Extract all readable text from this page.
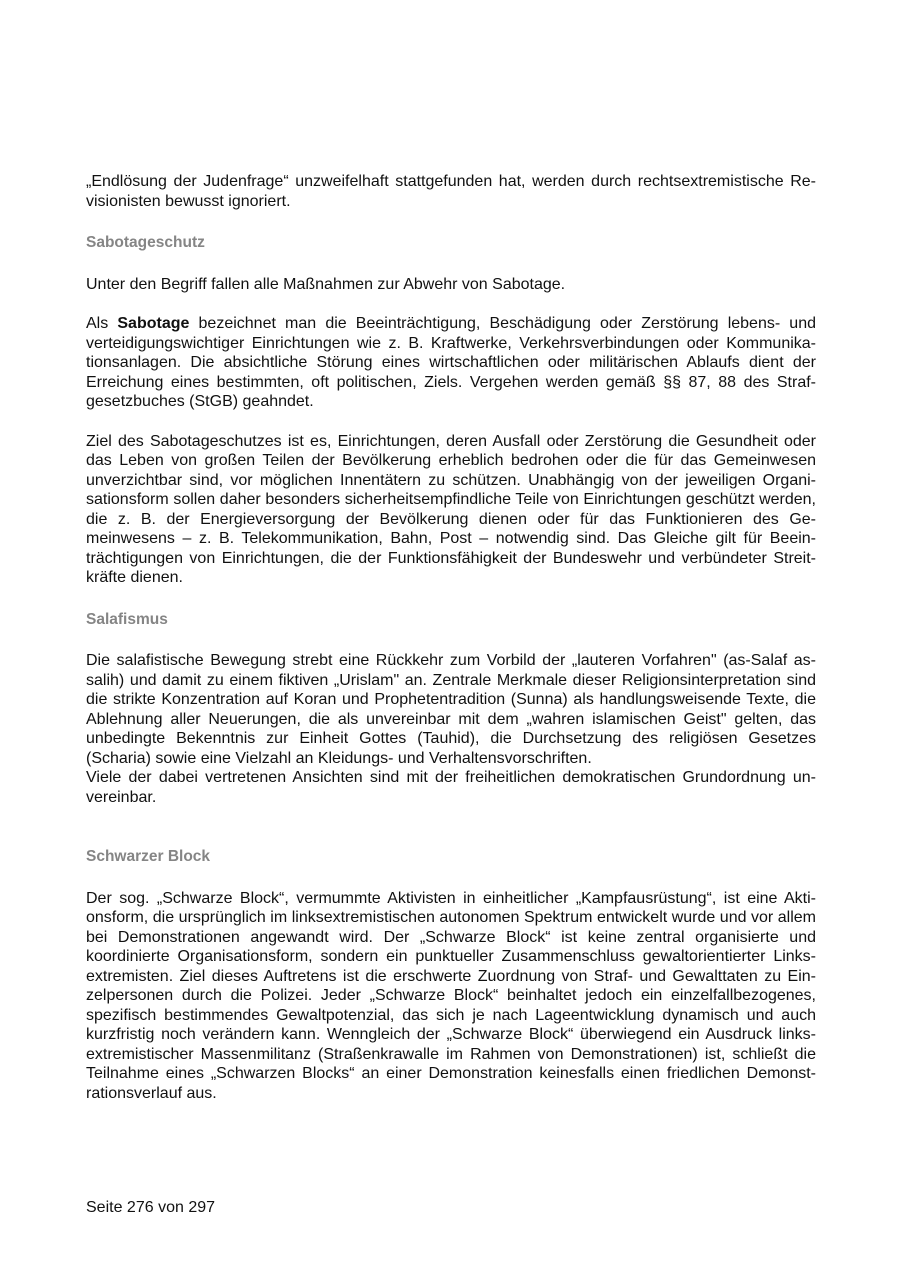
„Endlösung der Judenfrage“ unzweifelhaft stattgefunden hat, werden durch rechtsextremistische Revisionisten bewusst ignoriert.

Sabotageschutz

Unter den Begriff fallen alle Maßnahmen zur Abwehr von Sabotage.

Als Sabotage bezeichnet man die Beeinträchtigung, Beschädigung oder Zerstörung lebens- und verteidigungswichtiger Einrichtungen wie z. B. Kraftwerke, Verkehrsverbindungen oder Kommunikationsanlagen. Die absichtliche Störung eines wirtschaftlichen oder militärischen Ablaufs dient der Erreichung eines bestimmten, oft politischen, Ziels. Vergehen werden gemäß §§ 87, 88 des Strafgesetzbuches (StGB) geahndet.

Ziel des Sabotageschutzes ist es, Einrichtungen, deren Ausfall oder Zerstörung die Gesundheit oder das Leben von großen Teilen der Bevölkerung erheblich bedrohen oder die für das Gemeinwesen unverzichtbar sind, vor möglichen Innentätern zu schützen. Unabhängig von der jeweiligen Organisationsform sollen daher besonders sicherheitsempfindliche Teile von Einrichtungen geschützt werden, die z. B. der Energieversorgung der Bevölkerung dienen oder für das Funktionieren des Gemeinwesens – z. B. Telekommunikation, Bahn, Post – notwendig sind. Das Gleiche gilt für Beeinträchtigungen von Einrichtungen, die der Funktionsfähigkeit der Bundeswehr und verbündeter Streitkräfte dienen.

Salafismus

Die salafistische Bewegung strebt eine Rückkehr zum Vorbild der „lauteren Vorfahren" (as-Salaf assalih) und damit zu einem fiktiven „Urislam" an. Zentrale Merkmale dieser Religionsinterpretation sind die strikte Konzentration auf Koran und Prophetentradition (Sunna) als handlungsweisende Texte, die Ablehnung aller Neuerungen, die als unvereinbar mit dem „wahren islamischen Geist" gelten, das unbedingte Bekenntnis zur Einheit Gottes (Tauhid), die Durchsetzung des religiösen Gesetzes (Scharia) sowie eine Vielzahl an Kleidungs- und Verhaltensvorschriften.

Viele der dabei vertretenen Ansichten sind mit der freiheitlichen demokratischen Grundordnung unvereinbar.

Schwarzer Block

Der sog. „Schwarze Block“, vermummte Aktivisten in einheitlicher „Kampfausrüstung“, ist eine Aktionsform, die ursprünglich im linksextremistischen autonomen Spektrum entwickelt wurde und vor allem bei Demonstrationen angewandt wird. Der „Schwarze Block“ ist keine zentral organisierte und koordinierte Organisationsform, sondern ein punktueller Zusammenschluss gewaltorientierter Linksextremisten. Ziel dieses Auftretens ist die erschwerte Zuordnung von Straf- und Gewalttaten zu Einzelpersonen durch die Polizei. Jeder „Schwarze Block“ beinhaltet jedoch ein einzelfallbezogenes, spezifisch bestimmendes Gewaltpotenzial, das sich je nach Lageentwicklung dynamisch und auch kurzfristig noch verändern kann. Wenngleich der „Schwarze Block“ überwiegend ein Ausdruck linksextremistischer Massenmilitanz (Straßenkrawalle im Rahmen von Demonstrationen) ist, schließt die Teilnahme eines „Schwarzen Blocks“ an einer Demonstration keinesfalls einen friedlichen Demonstrationsverlauf aus.

Seite 276 von 297
